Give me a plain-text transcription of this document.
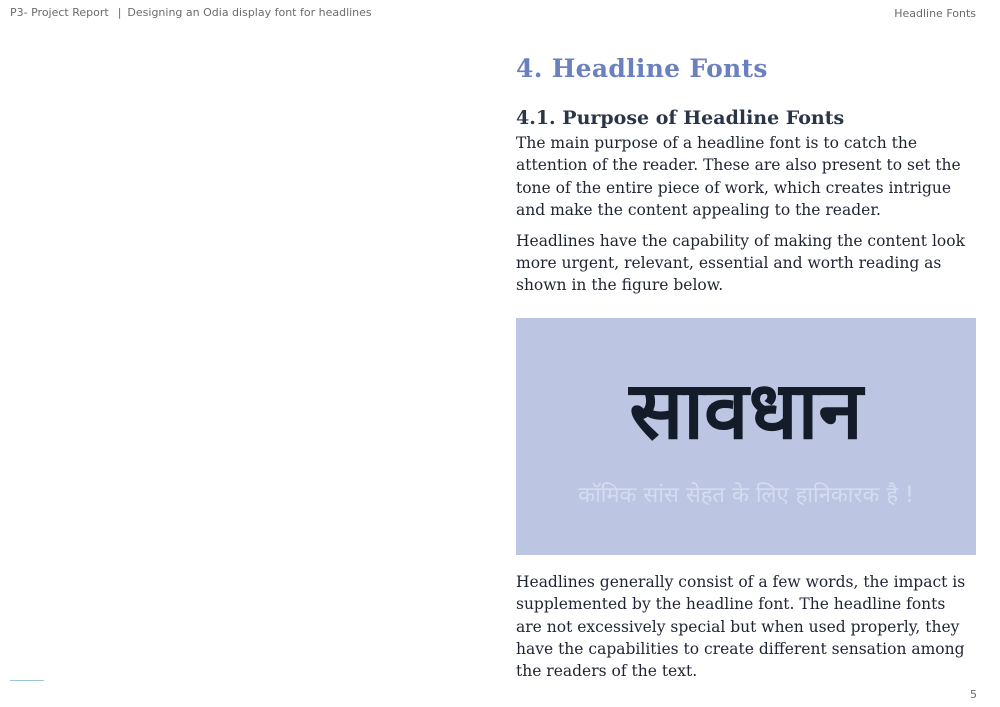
P3- Project Report | Designing an Odia display font for headlines	Headline Fonts
4. Headline Fonts
4.1. Purpose of Headline Fonts

The main purpose of a headline font is to catch the attention of the reader. These are also present to set the tone of the entire piece of work, which creates intrigue and make the content appealing to the reader.

Headlines have the capability of making the content look more urgent, relevant, essential and worth reading as shown in the figure below.

सावधान
कॉमिक सांस सेहत के लिए हानिकारक है !

Headlines generally consist of a few words, the impact is supplemented by the headline font. The headline fonts are not excessively special but when used properly, they have the capabilities to create different sensation among the readers of the text.

5
